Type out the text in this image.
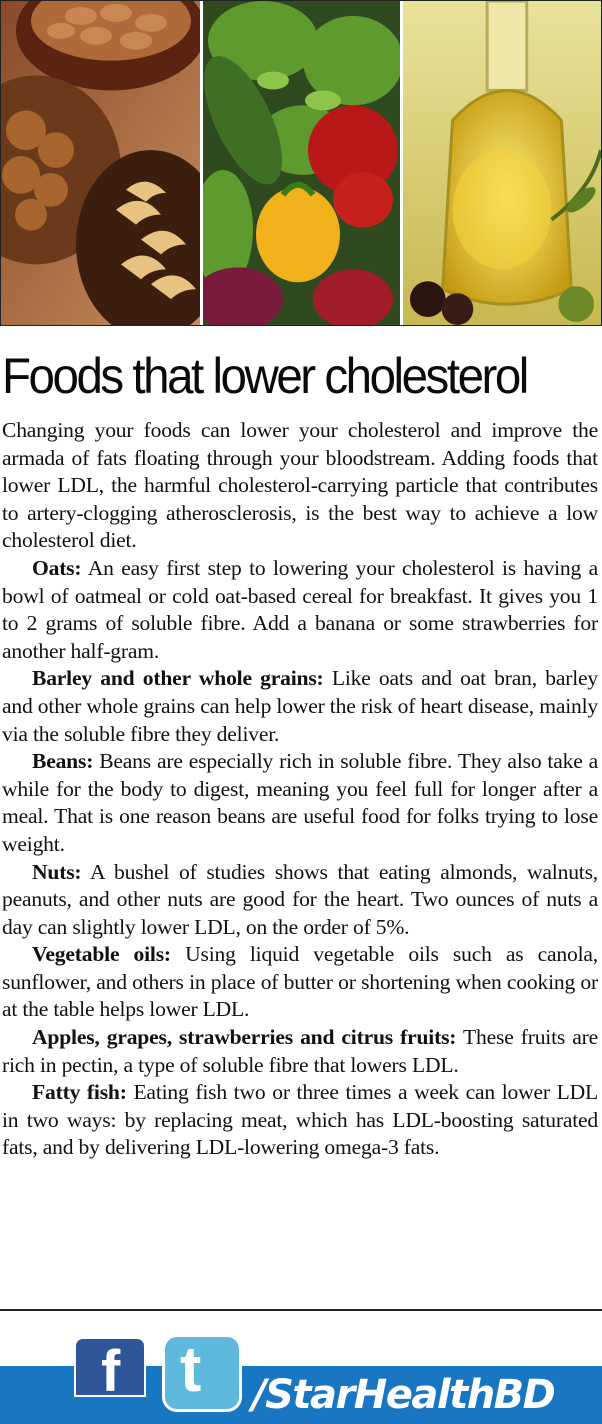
Foods that lower cholesterol

Changing your foods can lower your cholesterol and improve the armada of fats floating through your bloodstream. Adding foods that lower LDL, the harmful cholesterol-carrying particle that contributes to artery-clogging atherosclerosis, is the best way to achieve a low cholesterol diet.

Oats: An easy first step to lowering your cholesterol is having a bowl of oatmeal or cold oat-based cereal for breakfast. It gives you 1 to 2 grams of soluble fibre. Add a banana or some strawberries for another half-gram.

Barley and other whole grains: Like oats and oat bran, barley and other whole grains can help lower the risk of heart disease, mainly via the soluble fibre they deliver.

Beans: Beans are especially rich in soluble fibre. They also take a while for the body to digest, meaning you feel full for longer after a meal. That is one reason beans are useful food for folks trying to lose weight.

Nuts: A bushel of studies shows that eating almonds, walnuts, peanuts, and other nuts are good for the heart. Two ounces of nuts a day can slightly lower LDL, on the order of 5%.

Vegetable oils: Using liquid vegetable oils such as canola, sunflower, and others in place of butter or shortening when cooking or at the table helps lower LDL.

Apples, grapes, strawberries and citrus fruits: These fruits are rich in pectin, a type of soluble fibre that lowers LDL.

Fatty fish: Eating fish two or three times a week can lower LDL in two ways: by replacing meat, which has LDL-boosting saturated fats, and by delivering LDL-lowering omega-3 fats.

f t /StarHealthBD
